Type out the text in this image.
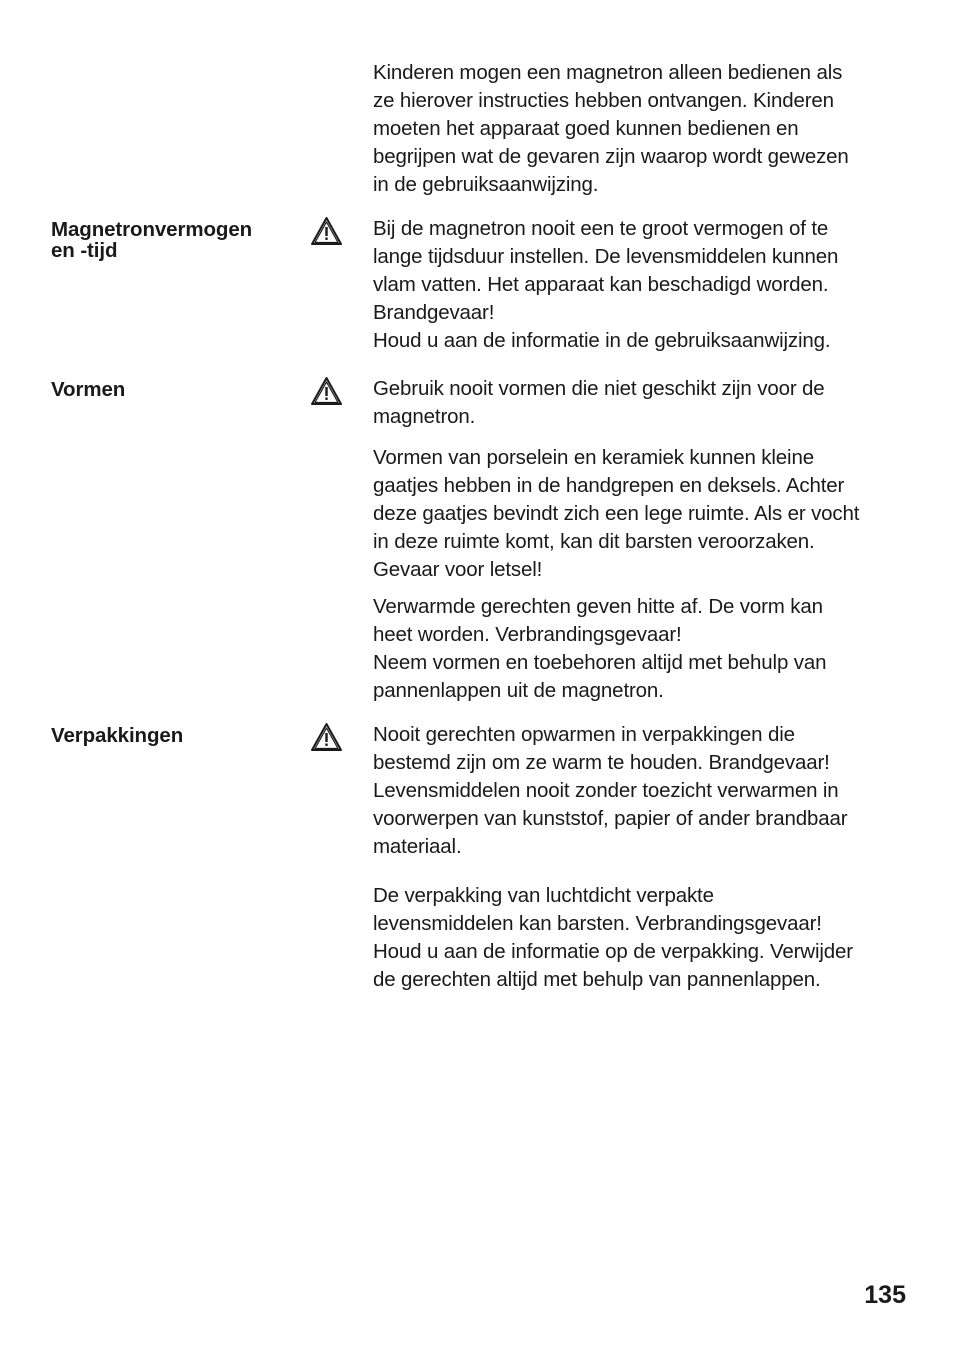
Kinderen mogen een magnetron alleen bedienen als
ze hierover instructies hebben ontvangen. Kinderen
moeten het apparaat goed kunnen bedienen en
begrijpen wat de gevaren zijn waarop wordt gewezen
in de gebruiksaanwijzing.

Magnetronvermogen
en -tijd

Bij de magnetron nooit een te groot vermogen of te
lange tijdsduur instellen. De levensmiddelen kunnen
vlam vatten. Het apparaat kan beschadigd worden.
Brandgevaar!
Houd u aan de informatie in de gebruiksaanwijzing.

Vormen	Gebruik nooit vormen die niet geschikt zijn voor de
magnetron.

Vormen van porselein en keramiek kunnen kleine
gaatjes hebben in de handgrepen en deksels. Achter
deze gaatjes bevindt zich een lege ruimte. Als er vocht
in deze ruimte komt, kan dit barsten veroorzaken.
Gevaar voor letsel!

Verwarmde gerechten geven hitte af. De vorm kan
heet worden. Verbrandingsgevaar!
Neem vormen en toebehoren altijd met behulp van
pannenlappen uit de magnetron.

Verpakkingen	Nooit gerechten opwarmen in verpakkingen die
bestemd zijn om ze warm te houden. Brandgevaar!
Levensmiddelen nooit zonder toezicht verwarmen in
voorwerpen van kunststof, papier of ander brandbaar
materiaal.

De verpakking van luchtdicht verpakte
levensmiddelen kan barsten. Verbrandingsgevaar!
Houd u aan de informatie op de verpakking. Verwijder
de gerechten altijd met behulp van pannenlappen.

135
